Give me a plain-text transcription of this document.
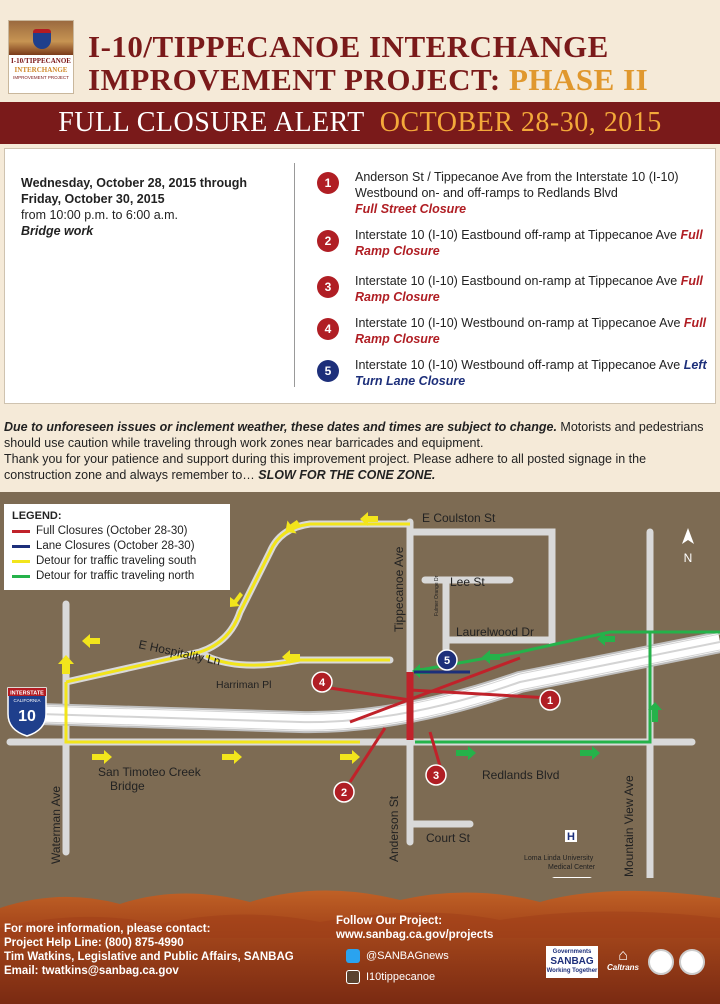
I-10/TIPPECANOE
INTERCHANGE
IMPROVEMENT PROJECT
I-10/TIPPECANOE INTERCHANGE
IMPROVEMENT PROJECT: PHASE II
FULL CLOSURE ALERT OCTOBER 28-30, 2015
Wednesday, October 28, 2015 through Friday, October 30, 2015
from 10:00 p.m. to 6:00 a.m.
Bridge work
1	Anderson St / Tippecanoe Ave from the Interstate 10 (I-10) Westbound on- and off-ramps to Redlands Blvd
Full Street Closure
2	Interstate 10 (I-10) Eastbound off-ramp at Tippecanoe Ave Full Ramp Closure
3	Interstate 10 (I-10) Eastbound on-ramp at Tippecanoe Ave Full Ramp Closure
4	Interstate 10 (I-10) Westbound on-ramp at Tippecanoe Ave Full Ramp Closure
5	Interstate 10 (I-10) Westbound off-ramp at Tippecanoe Ave Left Turn Lane Closure
Due to unforeseen issues or inclement weather, these dates and times are subject to change. Motorists and pedestrians should use caution while traveling through work zones near barricades and equipment.
Thank you for your patience and support during this improvement project. Please adhere to all posted signage in the construction zone and always remember to… SLOW FOR THE CONE ZONE.
1
2
3
4
5
INTERSTATE
CALIFORNIA
10
H
N
E Coulston St
Tippecanoe Ave	Lee St
Laurelwood Dr
E Hospitality Ln
Harriman Pl
San Timoteo Creek
Bridge
Redlands Blvd
Waterman Ave	Anderson St Court St	Mountain View Ave
Loma Linda University
Medical Center
Fulmer Orange Dr
LEGEND:
Full Closures (October 28-30)
Lane Closures (October 28-30)
Detour for traffic traveling south
Detour for traffic traveling north
For more information, please contact:
Project Help Line: (800) 875-4990
Tim Watkins, Legislative and Public Affairs, SANBAG
Email: twatkins@sanbag.ca.gov
Follow Our Project:
www.sanbag.ca.gov/projects
@SANBAGnews
I10tippecanoe
Governments
SANBAG
Working Together
⌂
Caltrans
